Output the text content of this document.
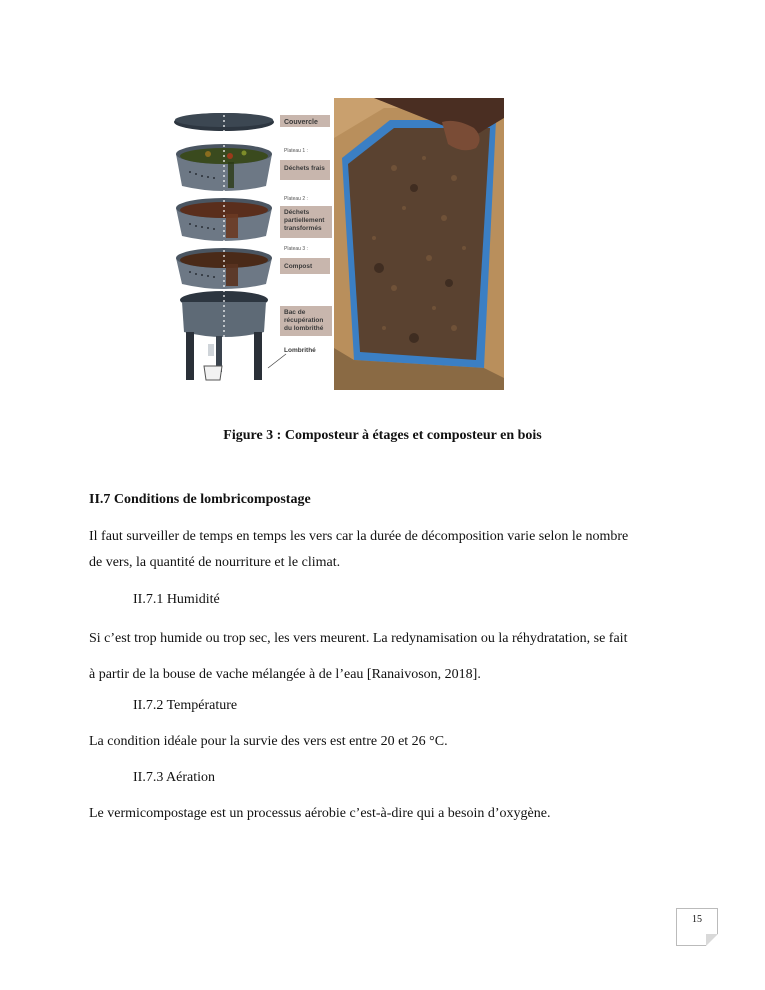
Couvercle
Plateau 1 :
Déchets frais
Plateau 2 :
Déchets
partiellement
transformés
Plateau 3 :
Compost
Bac de
récupération
du lombrithé
Lombrithé
Figure 3 : Composteur à étages et composteur en bois
II.7 Conditions de lombricompostage
Il faut surveiller de temps en temps les vers car la durée de décomposition varie selon le nombre
de vers, la quantité de nourriture et le climat.
II.7.1 Humidité
Si c’est trop humide ou trop sec, les vers meurent. La redynamisation ou la réhydratation, se fait
à partir de la bouse de vache mélangée à de l’eau [Ranaivoson, 2018].
II.7.2 Température
La condition idéale pour la survie des vers est entre 20 et 26 °C.
II.7.3 Aération
Le vermicompostage est un processus aérobie c’est-à-dire qui a besoin d’oxygène.
15
